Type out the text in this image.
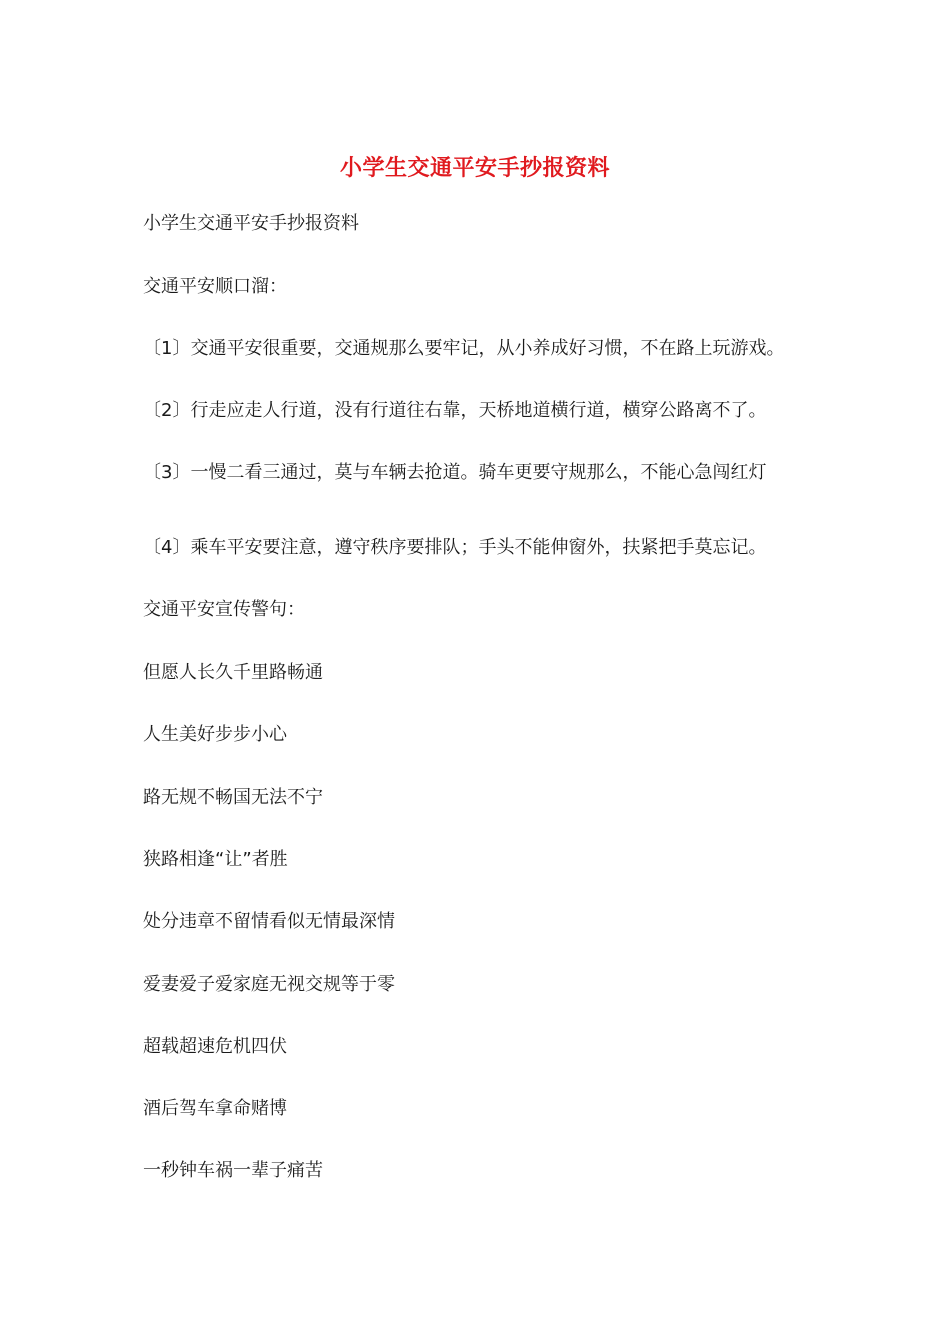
小学生交通平安手抄报资料
小学生交通平安手抄报资料
交通平安顺口溜：
〔1〕交通平安很重要，交通规那么要牢记，从小养成好习惯，不在路上玩游戏。
〔2〕行走应走人行道，没有行道往右靠，天桥地道横行道，横穿公路离不了。
〔3〕一慢二看三通过，莫与车辆去抢道。骑车更要守规那么，不能心急闯红灯
〔4〕乘车平安要注意，遵守秩序要排队；手头不能伸窗外，扶紧把手莫忘记。
交通平安宣传警句：
但愿人长久千里路畅通
人生美好步步小心
路无规不畅国无法不宁
狭路相逢“让”者胜
处分违章不留情看似无情最深情
爱妻爱子爱家庭无视交规等于零
超载超速危机四伏
酒后驾车拿命赌博
一秒钟车祸一辈子痛苦
